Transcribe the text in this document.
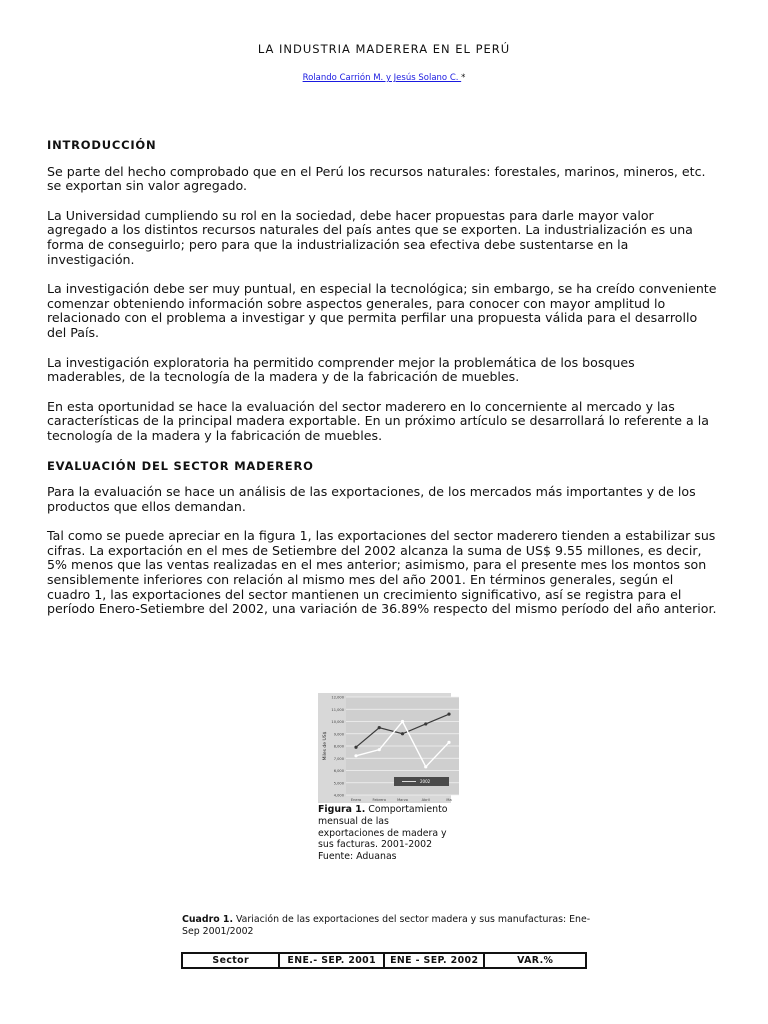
LA INDUSTRIA MADERERA EN EL PERÚ
Rolando Carrión M. y Jesús Solano C. *
INTRODUCCIÓN

Se parte del hecho comprobado que en el Perú los recursos naturales: forestales, marinos, mineros, etc. se exportan sin valor agregado.

La Universidad cumpliendo su rol en la sociedad, debe hacer propuestas para darle mayor valor agregado a los distintos recursos naturales del país antes que se exporten. La industrialización es una forma de conseguirlo; pero para que la industrialización sea efectiva debe sustentarse en la investigación.

La investigación debe ser muy puntual, en especial la tecnológica; sin embargo, se ha creído conveniente comenzar obteniendo información sobre aspectos generales, para conocer con mayor amplitud lo relacionado con el problema a investigar y que permita perfilar una propuesta válida para el desarrollo del País.

La investigación exploratoria ha permitido comprender mejor la problemática de los bosques maderables, de la tecnología de la madera y de la fabricación de muebles.

En esta oportunidad se hace la evaluación del sector maderero en lo concerniente al mercado y las características de la principal madera exportable. En un próximo artículo se desarrollará lo referente a la tecnología de la madera y la fabricación de muebles.

EVALUACIÓN DEL SECTOR MADERERO

Para la evaluación se hace un análisis de las exportaciones, de los mercados más importantes y de los productos que ellos demandan.

Tal como se puede apreciar en la figura 1, las exportaciones del sector maderero tienden a estabilizar sus cifras. La exportación en el mes de Setiembre del 2002 alcanza la suma de US$ 9.55 millones, es decir, 5% menos que las ventas realizadas en el mes anterior; asimismo, para el presente mes los montos son sensiblemente inferiores con relación al mismo mes del año 2001. En términos generales, según el cuadro 1, las exportaciones del sector mantienen un crecimiento significativo, así se registra para el período Enero-Setiembre del 2002, una variación de 36.89% respecto del mismo período del año anterior.

12,000
11,000
10,000
9,000
8,000
7,000
6,000
5,000
4,000
Miles de US$
Enero	Febrero	Marzo	Abril	Ma
2002
Figura 1. Comportamiento mensual de las exportaciones de madera y sus facturas. 2001-2002
Fuente: Aduanas
Cuadro 1. Variación de las exportaciones del sector madera y sus manufacturas: Ene-Sep 2001/2002
Sector	ENE.- SEP. 2001	ENE - SEP. 2002	VAR.%
